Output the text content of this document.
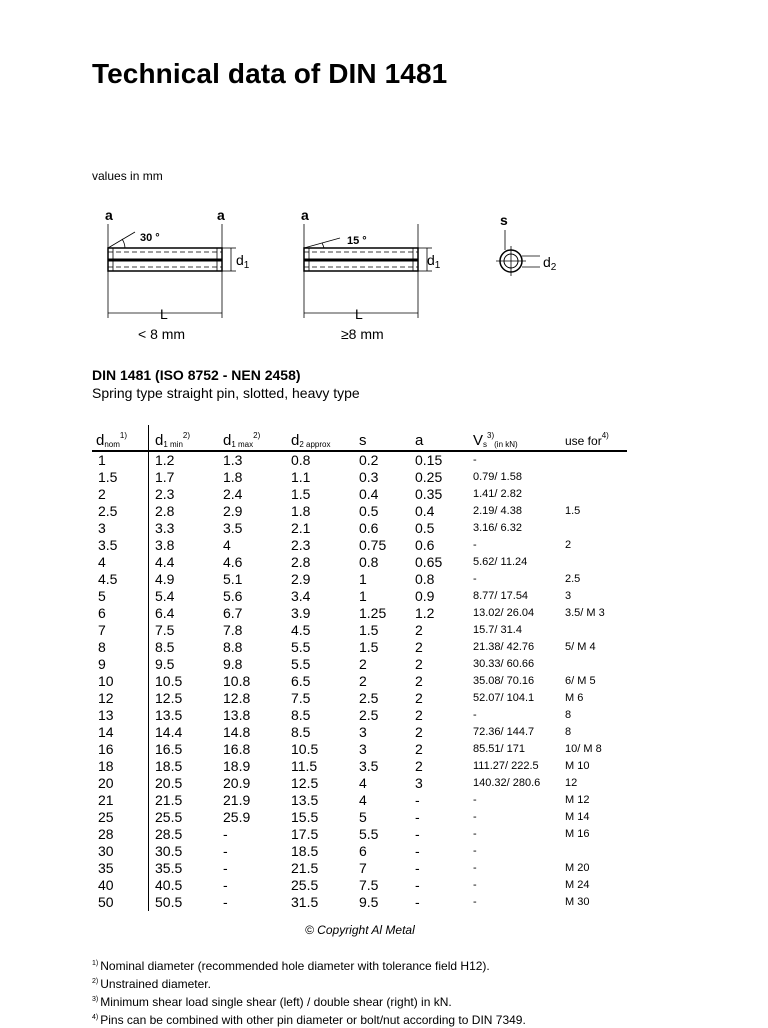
Technical data of DIN 1481
values in mm
a	a
30 °
$d_1$
L
< 8 mm
a
15 °
$d_1$
L
≥8 mm
s
$d_2$
DIN 1481 (ISO 8752 - NEN 2458)
Spring type straight pin, slotted, heavy type
$d_{nom}^{1)}$	$d_{1 min}^{2)}$	$d_{1 max}^{2)}$	$d_{2 approx}$	s	a	$V_s^{3)}_{(in kN)}$	use for$^{4)}$
1	1.2	1.3	0.8	0.2	0.15	-	
1.5	1.7	1.8	1.1	0.3	0.25	0.79/ 1.58	
2	2.3	2.4	1.5	0.4	0.35	1.41/ 2.82	
2.5	2.8	2.9	1.8	0.5	0.4	2.19/ 4.38	1.5
3	3.3	3.5	2.1	0.6	0.5	3.16/ 6.32	
3.5	3.8	4	2.3	0.75	0.6	-	2
4	4.4	4.6	2.8	0.8	0.65	5.62/ 11.24	
4.5	4.9	5.1	2.9	1	0.8	-	2.5
5	5.4	5.6	3.4	1	0.9	8.77/ 17.54	3
6	6.4	6.7	3.9	1.25	1.2	13.02/ 26.04	3.5/ M 3
7	7.5	7.8	4.5	1.5	2	15.7/ 31.4	
8	8.5	8.8	5.5	1.5	2	21.38/ 42.76	5/ M 4
9	9.5	9.8	5.5	2	2	30.33/ 60.66	
10	10.5	10.8	6.5	2	2	35.08/ 70.16	6/ M 5
12	12.5	12.8	7.5	2.5	2	52.07/ 104.1	M 6
13	13.5	13.8	8.5	2.5	2	-	8
14	14.4	14.8	8.5	3	2	72.36/ 144.7	8
16	16.5	16.8	10.5	3	2	85.51/ 171	10/ M 8
18	18.5	18.9	11.5	3.5	2	111.27/ 222.5	M 10
20	20.5	20.9	12.5	4	3	140.32/ 280.6	12
21	21.5	21.9	13.5	4	-	-	M 12
25	25.5	25.9	15.5	5	-	-	M 14
28	28.5	-	17.5	5.5	-	-	M 16
30	30.5	-	18.5	6	-	-	
35	35.5	-	21.5	7	-	-	M 20
40	40.5	-	25.5	7.5	-	-	M 24
50	50.5	-	31.5	9.5	-	-	M 30
© Copyright Al Metal
$^{1)}$ Nominal diameter (recommended hole diameter with tolerance field H12).
$^{2)}$ Unstrained diameter.
$^{3)}$ Minimum shear load single shear (left) / double shear (right) in kN.
$^{4)}$ Pins can be combined with other pin diameter or bolt/nut according to DIN 7349.
